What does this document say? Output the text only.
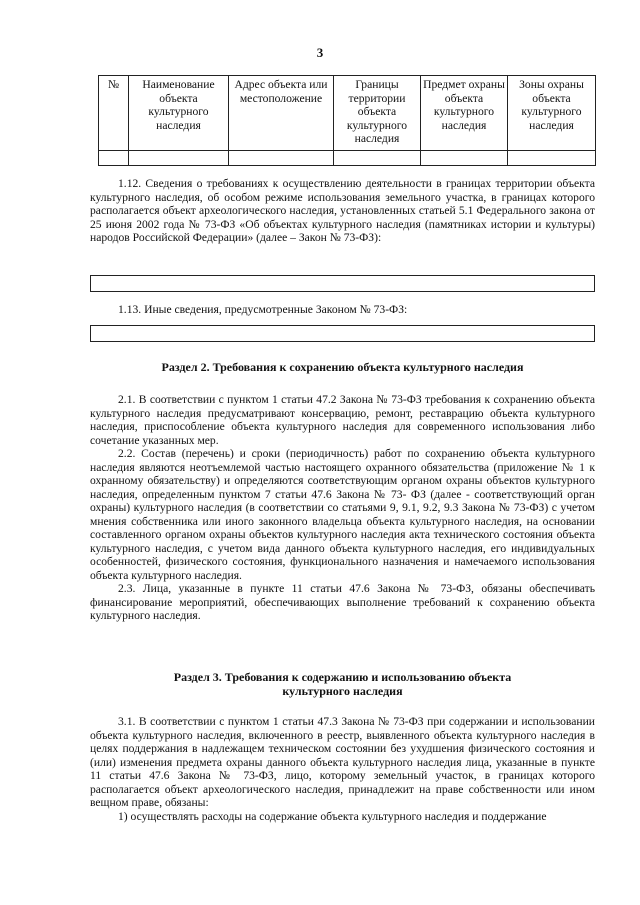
3
№	Наименование объекта культурного наследия	Адрес объекта или местоположение	Границы территории объекта культурного наследия	Предмет охраны объекта культурного наследия	Зоны охраны объекта культурного наследия

1.12. Сведения о требованиях к осуществлению деятельности в границах территории объекта культурного наследия, об особом режиме использования земельного участка, в границах которого располагается объект археологического наследия, установленных статьей 5.1 Федерального закона от 25 июня 2002 года № 73-ФЗ «Об объектах культурного наследия (памятниках истории и культуры) народов Российской Федерации» (далее – Закон № 73-ФЗ):

1.13. Иные сведения, предусмотренные Законом № 73-ФЗ:

Раздел 2. Требования к сохранению объекта культурного наследия

2.1. В соответствии с пунктом 1 статьи 47.2 Закона № 73-ФЗ требования к сохранению объекта культурного наследия предусматривают консервацию, ремонт, реставрацию объекта культурного наследия, приспособление объекта культурного наследия для современного использования либо сочетание указанных мер.

2.2. Состав (перечень) и сроки (периодичность) работ по сохранению объекта культурного наследия являются неотъемлемой частью настоящего охранного обязательства (приложение № 1 к охранному обязательству) и определяются соответствующим органом охраны объектов культурного наследия, определенным пунктом 7 статьи 47.6 Закона № 73- ФЗ (далее - соответствующий орган охраны) культурного наследия (в соответствии со статьями 9, 9.1, 9.2, 9.3 Закона № 73-ФЗ) с учетом мнения собственника или иного законного владельца объекта культурного наследия, на основании составленного органом охраны объектов культурного наследия акта технического состояния объекта культурного наследия, с учетом вида данного объекта культурного наследия, его индивидуальных особенностей, физического состояния, функционального назначения и намечаемого использования объекта культурного наследия.

2.3. Лица, указанные в пункте 11 статьи 47.6 Закона № 73-ФЗ, обязаны обеспечивать финансирование мероприятий, обеспечивающих выполнение требований к сохранению объекта культурного наследия.

Раздел 3. Требования к содержанию и использованию объекта
культурного наследия

3.1. В соответствии с пунктом 1 статьи 47.3 Закона № 73-ФЗ при содержании и использовании объекта культурного наследия, включенного в реестр, выявленного объекта культурного наследия в целях поддержания в надлежащем техническом состоянии без ухудшения физического состояния и (или) изменения предмета охраны данного объекта культурного наследия лица, указанные в пункте 11 статьи 47.6 Закона № 73-ФЗ, лицо, которому земельный участок, в границах которого располагается объект археологического наследия, принадлежит на праве собственности или ином вещном праве, обязаны:

1) осуществлять расходы на содержание объекта культурного наследия и поддержание
